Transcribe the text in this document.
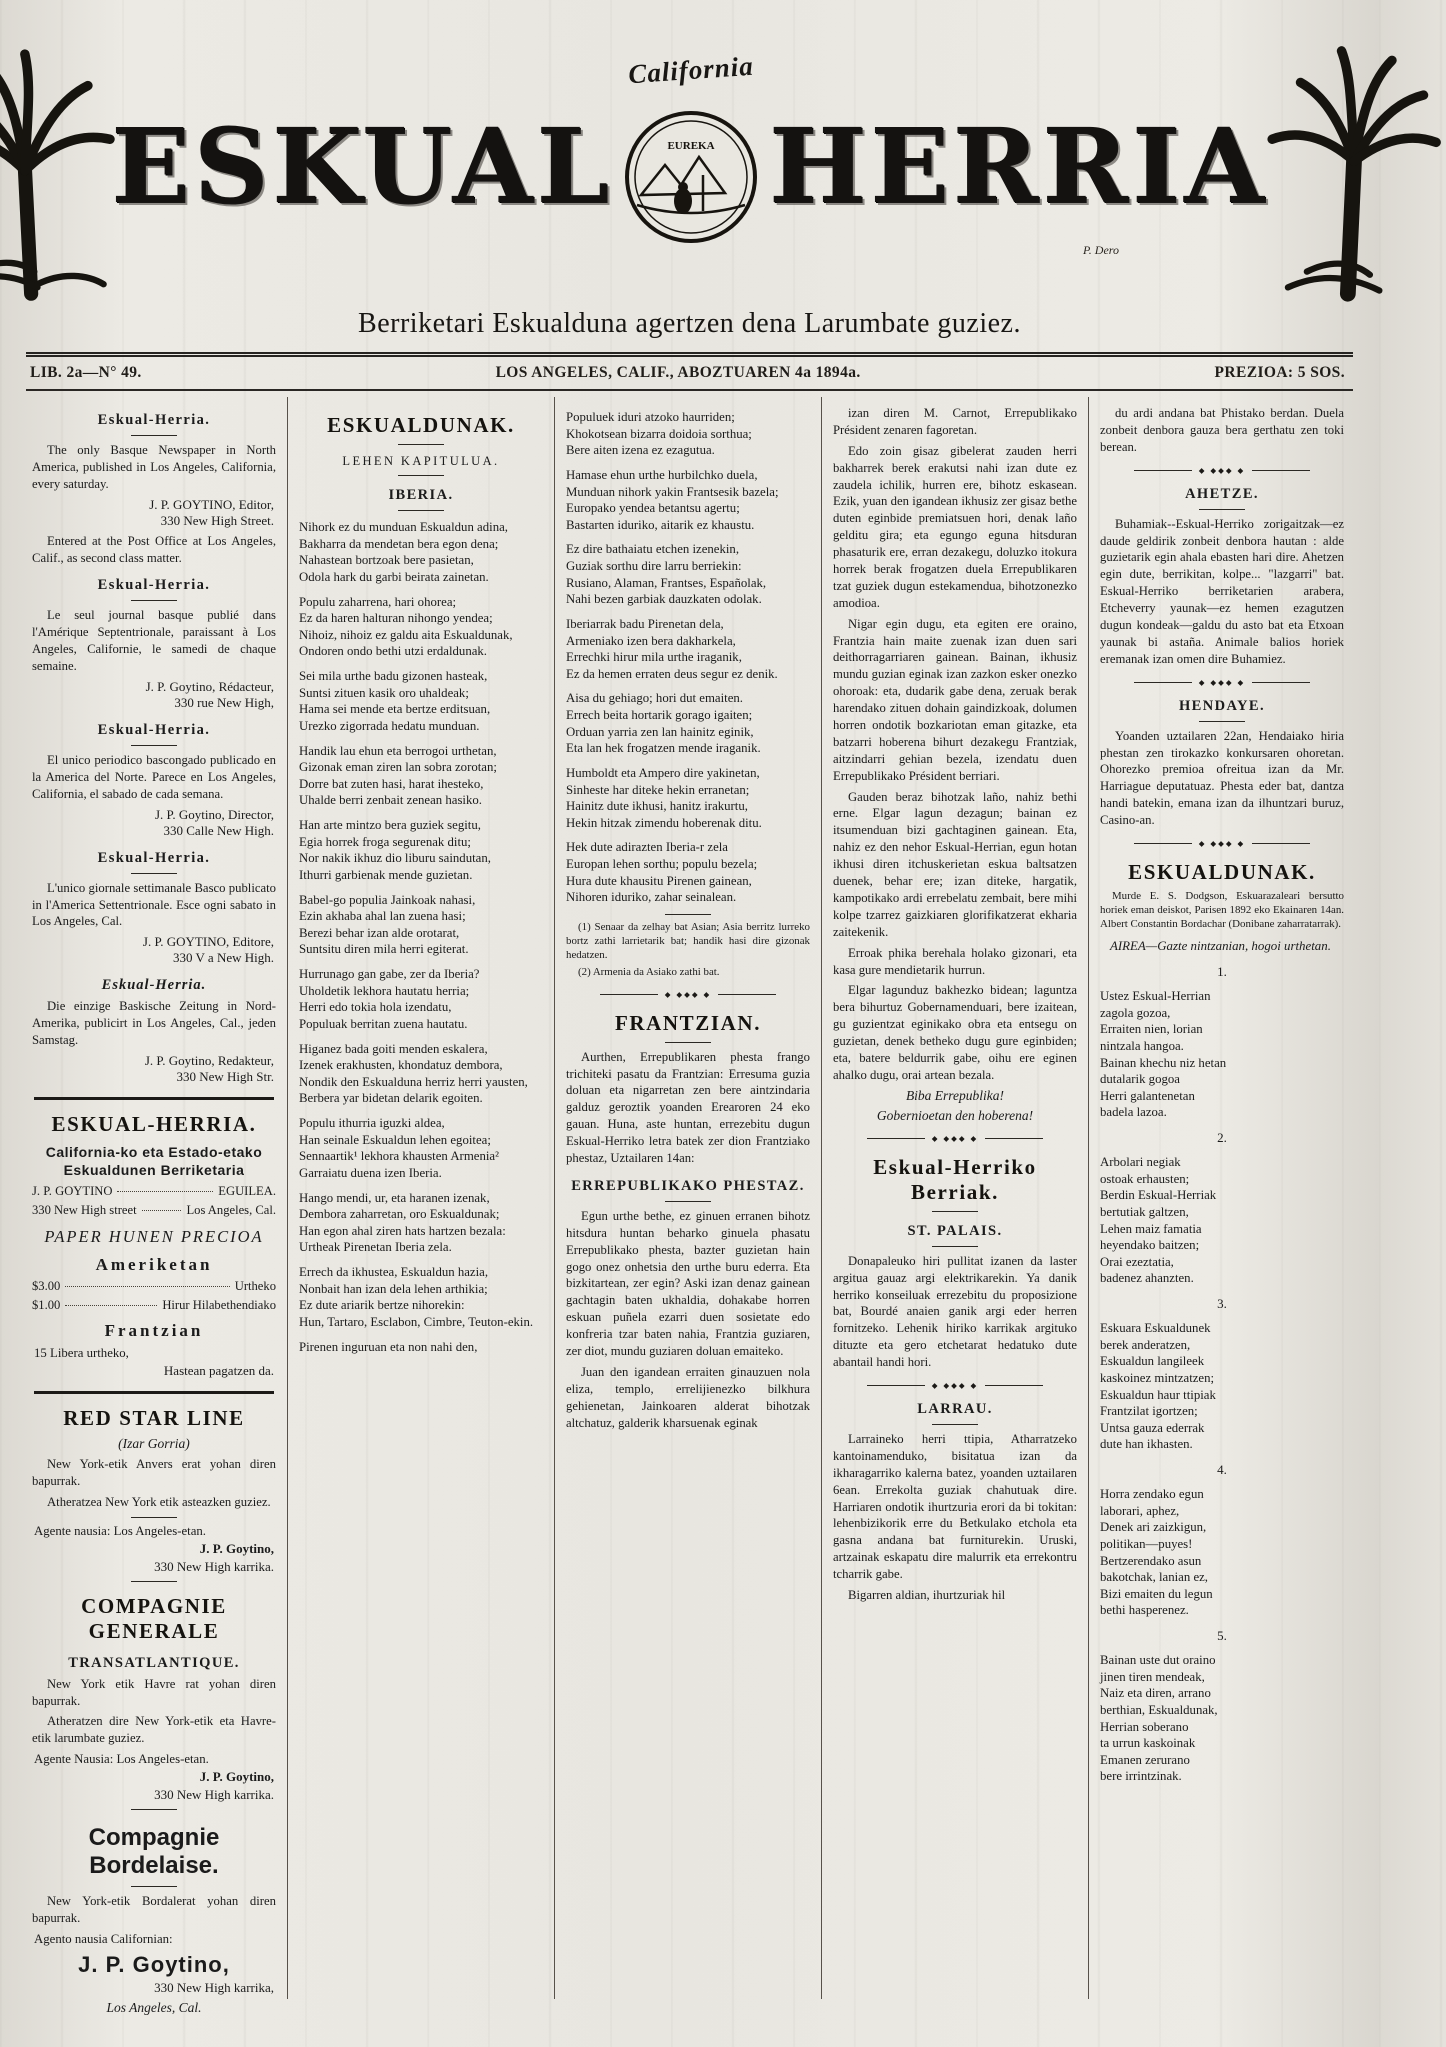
ESKUAL
California
EUREKA HERRIA
P. Dero
Berriketari Eskualduna agertzen dena Larumbate guziez.
LIB. 2a—N° 49.	LOS ANGELES, CALIF., ABOZTUAREN 4a 1894a.	PREZIOA: 5 SOS.
Eskual-Herria.
The only Basque Newspaper in North America, published in Los Angeles, California, every saturday.
J. P. GOYTINO, Editor,
330 New High Street.
Entered at the Post Office at Los Angeles, Calif., as second class matter.
Eskual-Herria.
Le seul journal basque publié dans l'Amérique Septentrionale, paraissant à Los Angeles, Californie, le samedi de chaque semaine.
J. P. Goytino, Rédacteur,
330 rue New High,
Eskual-Herria.
El unico periodico bascongado publicado en la America del Norte. Parece en Los Angeles, California, el sabado de cada semana.
J. P. Goytino, Director,
330 Calle New High.
Eskual-Herria.
L'unico giornale settimanale Basco publicato in l'America Settentrionale. Esce ogni sabato in Los Angeles, Cal.
J. P. GOYTINO, Editore,
330 V a New High.
Eskual-Herria.
Die einzige Baskische Zeitung in Nord-Amerika, publicirt in Los Angeles, Cal., jeden Samstag.
J. P. Goytino, Redakteur,
330 New High Str.
ESKUAL-HERRIA.
California-ko eta Estado-etako
Eskualdunen Berriketaria
J. P. GOYTINO	EGUILEA.
330 New High street	Los Angeles, Cal.
PAPER HUNEN PRECIOA
Ameriketan
$3.00	Urtheko
$1.00	Hirur Hilabethendiako
Frantzian
15 Libera urtheko,
Hastean pagatzen da.
RED STAR LINE
(Izar Gorria)
New York-etik Anvers erat yohan diren bapurrak.
Atheratzea New York etik asteazken guziez.
Agente nausia: Los Angeles-etan.
J. P. Goytino,
330 New High karrika.
COMPAGNIE GENERALE
TRANSATLANTIQUE.
New York etik Havre rat yohan diren bapurrak.
Atheratzen dire New York-etik eta Havre-etik larumbate guziez.
Agente Nausia: Los Angeles-etan.
J. P. Goytino,
330 New High karrika.
Compagnie Bordelaise.
New York-etik Bordalerat yohan diren bapurrak.
Agento nausia Californian:
J. P. Goytino,
330 New High karrika,
Los Angeles, Cal.
ESKUALDUNAK.
LEHEN KAPITULUA.
IBERIA.
Nihork ez du munduan Eskualdun adina,
Bakharra da mendetan bera egon dena;
Nahastean bortzoak bere pasietan,
Odola hark du garbi beirata zainetan.
Populu zaharrena, hari ohorea;
Ez da haren halturan nihongo yendea;
Nihoiz, nihoiz ez galdu aita Eskualdunak,
Ondoren ondo bethi utzi erdaldunak.
Sei mila urthe badu gizonen hasteak,
Suntsi zituen kasik oro uhaldeak;
Hama sei mende eta bertze erditsuan,
Urezko zigorrada hedatu munduan.
Handik lau ehun eta berrogoi urthetan,
Gizonak eman ziren lan sobra zorotan;
Dorre bat zuten hasi, harat ihesteko,
Uhalde berri zenbait zenean hasiko.
Han arte mintzo bera guziek segitu,
Egia horrek froga segurenak ditu;
Nor nakik ikhuz dio liburu saindutan,
Ithurri garbienak mende guzietan.
Babel-go populia Jainkoak nahasi,
Ezin akhaba ahal lan zuena hasi;
Berezi behar izan alde orotarat,
Suntsitu diren mila herri egiterat.
Hurrunago gan gabe, zer da Iberia?
Uholdetik lekhora hautatu herria;
Herri edo tokia hola izendatu,
Populuak berritan zuena hautatu.
Higanez bada goiti menden eskalera,
Izenek erakhusten, khondatuz dembora,
Nondik den Eskualduna herriz herri yausten,
Berbera yar bidetan delarik egoiten.
Populu ithurria iguzki aldea,
Han seinale Eskualdun lehen egoitea;
Sennaartik¹ lekhora khausten Armenia²
Garraiatu duena izen Iberia.
Hango mendi, ur, eta haranen izenak,
Dembora zaharretan, oro Eskualdunak;
Han egon ahal ziren hats hartzen bezala:
Urtheak Pirenetan Iberia zela.
Errech da ikhustea, Eskualdun hazia,
Nonbait han izan dela lehen arthikia;
Ez dute ariarik bertze nihorekin:
Hun, Tartaro, Esclabon, Cimbre, Teuton-ekin.
Pirenen inguruan eta non nahi den,
Populuek iduri atzoko haurriden;
Khokotsean bizarra doidoia sorthua;
Bere aiten izena ez ezagutua.
Hamase ehun urthe hurbilchko duela,
Munduan nihork yakin Frantsesik bazela;
Europako yendea betantsu agertu;
Bastarten iduriko, aitarik ez khaustu.
Ez dire bathaiatu etchen izenekin,
Guziak sorthu dire larru berriekin:
Rusiano, Alaman, Frantses, Españolak,
Nahi bezen garbiak dauzkaten odolak.
Iberiarrak badu Pirenetan dela,
Armeniako izen bera dakharkela,
Errechki hirur mila urthe iraganik,
Ez da hemen erraten deus segur ez denik.
Aisa du gehiago; hori dut emaiten.
Errech beita hortarik gorago igaiten;
Orduan yarria zen lan hainitz eginik,
Eta lan hek frogatzen mende iraganik.
Humboldt eta Ampero dire yakinetan,
Sinheste har diteke hekin erranetan;
Hainitz dute ikhusi, hanitz irakurtu,
Hekin hitzak zimendu hoberenak ditu.
Hek dute adirazten Iberia-r zela
Europan lehen sorthu; populu bezela;
Hura dute khausitu Pirenen gainean,
Nihoren iduriko, zahar seinalean.
(1) Senaar da zelhay bat Asian; Asia berritz lurreko bortz zathi larrietarik bat; handik hasi dire gizonak hedatzen.
(2) Armenia da Asiako zathi bat.
◆ ◆◆◆ ◆
FRANTZIAN.
Aurthen, Errepublikaren phesta frango trichiteki pasatu da Frantzian: Erresuma guzia doluan eta nigarretan zen bere aintzindaria galduz geroztik yoanden Erearoren 24 eko gauan. Huna, aste huntan, errezebitu dugun Eskual-Herriko letra batek zer dion Frantziako phestaz, Uztailaren 14an:
ERREPUBLIKAKO PHESTAZ.
Egun urthe bethe, ez ginuen erranen bihotz hitsdura huntan beharko ginuela phasatu Errepublikako phesta, bazter guzietan hain gogo onez onhetsia den urthe buru ederra. Eta bizkitartean, zer egin? Aski izan denaz gainean gachtagin baten ukhaldia, dohakabe horren eskuan puñela ezarri duen sosietate edo konfreria tzar baten nahia, Frantzia guziaren, zer diot, mundu guziaren doluan emaiteko.
Juan den igandean erraiten ginauzuen nola eliza, templo, errelijienezko bilkhura gehienetan, Jainkoaren alderat bihotzak altchatuz, galderik kharsuenak eginak
izan diren M. Carnot, Errepublikako Président zenaren fagoretan.
Edo zoin gisaz gibelerat zauden herri bakharrek berek erakutsi nahi izan dute ez zaudela ichilik, hurren ere, bihotz eskasean. Ezik, yuan den igandean ikhusiz zer gisaz bethe duten eginbide premiatsuen hori, denak laño gelditu gira; eta egungo eguna hitsduran phasaturik ere, erran dezakegu, doluzko itokura horrek berak frogatzen duela Errepublikaren tzat guziek dugun estekamendua, bihotzonezko amodioa.
Nigar egin dugu, eta egiten ere oraino, Frantzia hain maite zuenak izan duen sari deithorragarriaren gainean. Bainan, ikhusiz mundu guzian eginak izan zazkon esker onezko ohoroak: eta, dudarik gabe dena, zeruak berak harendako zituen dohain gaindizkoak, dolumen horren ondotik bozkariotan eman gitazke, eta batzarri hoberena bihurt dezakegu Frantziak, aitzindarri gehian bezela, izendatu duen Errepublikako Président berriari.
Gauden beraz bihotzak laño, nahiz bethi erne. Elgar lagun dezagun; bainan ez itsumenduan bizi gachtaginen gainean. Eta, nahiz ez den nehor Eskual-Herrian, egun hotan ikhusi diren itchuskerietan eskua baltsatzen duenek, behar ere; izan diteke, hargatik, kampotikako ardi errebelatu zembait, bere mihi kolpe tzarrez gaizkiaren glorifikatzerat ekharia zaitekenik.
Erroak phika berehala holako gizonari, eta kasa gure mendietarik hurrun.
Elgar lagunduz bakhezko bidean; laguntza bera bihurtuz Gobernamenduari, bere izaitean, gu guzientzat eginikako obra eta entsegu on guzietan, denek betheko dugu gure eginbiden; eta, batere beldurrik gabe, oihu ere eginen ahalko dugu, orai artean bezala.
Biba Errepublika!
Gobernioetan den hoberena!
◆ ◆◆◆ ◆
Eskual-Herriko Berriak.
ST. PALAIS.
Donapaleuko hiri pullitat izanen da laster argitua gauaz argi elektrikarekin. Ya danik herriko konseiluak errezebitu du proposizione bat, Bourdé anaien ganik argi eder herren fornitzeko. Lehenik hiriko karrikak argituko dituzte eta gero etchetarat hedatuko dute abantail handi hori.
◆ ◆◆◆ ◆
LARRAU.
Larraineko herri ttipia, Atharratzeko kantoinamenduko, bisitatua izan da ikharagarriko kalerna batez, yoanden uztailaren 6ean. Errekolta guziak chahutuak dire. Harriaren ondotik ihurtzuria erori da bi tokitan: lehenbizikorik erre du Betkulako etchola eta gasna andana bat furniturekin. Uruski, artzainak eskapatu dire malurrik eta errekontru tcharrik gabe.
Bigarren aldian, ihurtzuriak hil
du ardi andana bat Phistako berdan. Duela zonbeit denbora gauza bera gerthatu zen toki berean.
◆ ◆◆◆ ◆
AHETZE.
Buhamiak--Eskual-Herriko zorigaitzak—ez daude geldirik zonbeit denbora hautan : alde guzietarik egin ahala ebasten hari dire. Ahetzen egin dute, berrikitan, kolpe... "lazgarri" bat. Eskual-Herriko berriketarien arabera, Etcheverry yaunak—ez hemen ezagutzen dugun kondeak—galdu du asto bat eta Etxoan yaunak bi astaña. Animale balios horiek eremanak izan omen dire Buhamiez.
◆ ◆◆◆ ◆
HENDAYE.
Yoanden uztailaren 22an, Hendaiako hiria phestan zen tirokazko konkursaren ohoretan. Ohorezko premioa ofreitua izan da Mr. Harriague deputatuaz. Phesta eder bat, dantza handi batekin, emana izan da ilhuntzari buruz, Casino-an.
◆ ◆◆◆ ◆
ESKUALDUNAK.
Murde E. S. Dodgson, Eskuarazaleari bersutto horiek eman deiskot, Parisen 1892 eko Ekainaren 14an. Albert Constantin Bordachar (Donibane zaharratarrak).
AIREA—Gazte nintzanian, hogoi urthetan.
1.
Ustez Eskual-Herrian
zagola gozoa,
Erraiten nien, lorian
nintzala hangoa.
Bainan khechu niz hetan
dutalarik gogoa
Herri galantenetan
badela lazoa.
2.
Arbolari negiak
ostoak erhausten;
Berdin Eskual-Herriak
bertutiak galtzen,
Lehen maiz famatia
heyendako baitzen;
Orai ezeztatia,
badenez ahanzten.
3.
Eskuara Eskualdunek
berek anderatzen,
Eskualdun langileek
kaskoinez mintzatzen;
Eskualdun haur ttipiak
Frantzilat igortzen;
Untsa gauza ederrak
dute han ikhasten.
4.
Horra zendako egun
laborari, aphez,
Denek ari zaizkigun,
politikan—puyes!
Bertzerendako asun
bakotchak, lanian ez,
Bizi emaiten du legun
bethi hasperenez.
5.
Bainan uste dut oraino
jinen tiren mendeak,
Naiz eta diren, arrano
berthian, Eskualdunak,
Herrian soberano
ta urrun kaskoinak
Emanen zerurano
bere irrintzinak.
